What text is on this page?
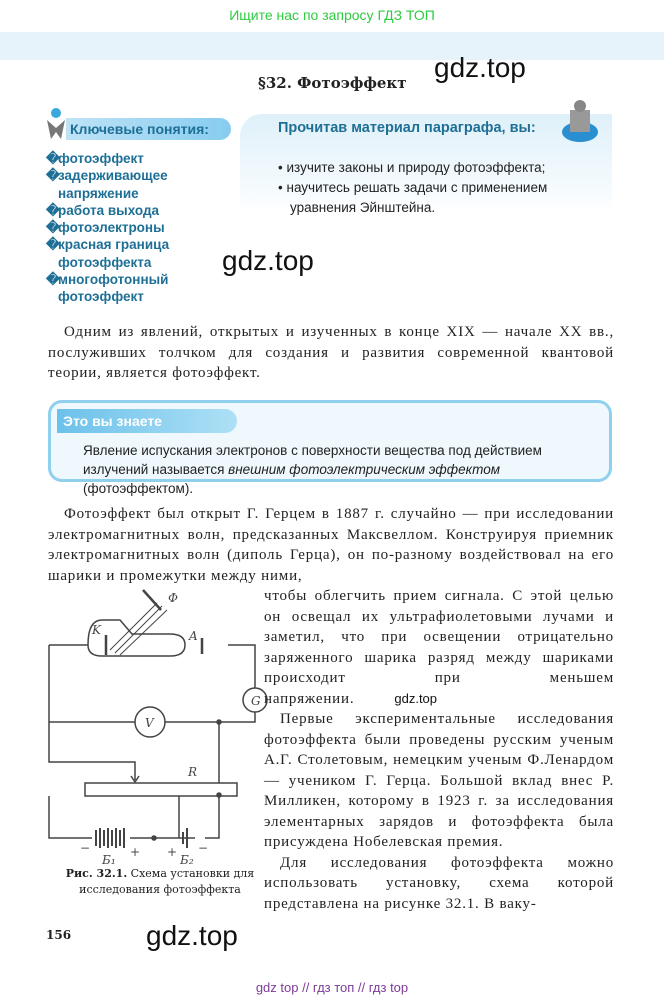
Ищите нас по запросу ГДЗ ТОП
§32. Фотоэффект gdz.top
Ключевые понятия:
�фотоэффект
�задерживающее напряжение
�работа выхода
�фотоэлектроны
�красная граница фотоэффекта
�многофотонный фотоэффект
Прочитав материал параграфа, вы:
• изучите законы и природу фотоэффекта;
• научитесь решать задачи с применением уравнения Эйнштейна.
gdz.top
Одним из явлений, открытых и изученных в конце XIX — начале XX вв., послуживших толчком для создания и развития современной квантовой теории, является фотоэффект.
Это вы знаете
Явление испускания электронов с поверхности вещества под действием излучений называется внешним фотоэлектрическим эффектом (фотоэффектом).
Фотоэффект был открыт Г. Герцем в 1887 г. случайно — при исследовании электромагнитных волн, предсказанных Максвеллом. Конструируя приемник электромагнитных волн (диполь Герца), он по-разному воздействовал на его шарики и промежутки между ними,
Ф
K	A
G
V
R
Б₁	Б₂
−	+ + −
Рис. 32.1. Схема установки для исследования фотоэффекта
чтобы облегчить прием сигнала. С этой целью он освещал их ультрафиолетовыми лучами и заметил, что при освещении отрицательно заряженного шарика разряд между шариками происходит при меньшем напряжении.	gdz.top
Первые экспериментальные исследования фотоэффекта были проведены русским ученым А.Г. Столетовым, немецким ученым Ф.Ленардом — учеником Г. Герца. Большой вклад внес Р. Милликен, которому в 1923 г. за исследования элементарных зарядов и фотоэффекта была присуждена Нобелевская премия.
Для исследования фотоэффекта можно использовать установку, схема которой представлена на рисунке 32.1. В ваку-
156	gdz.top
gdz top // гдз топ // гдз top
